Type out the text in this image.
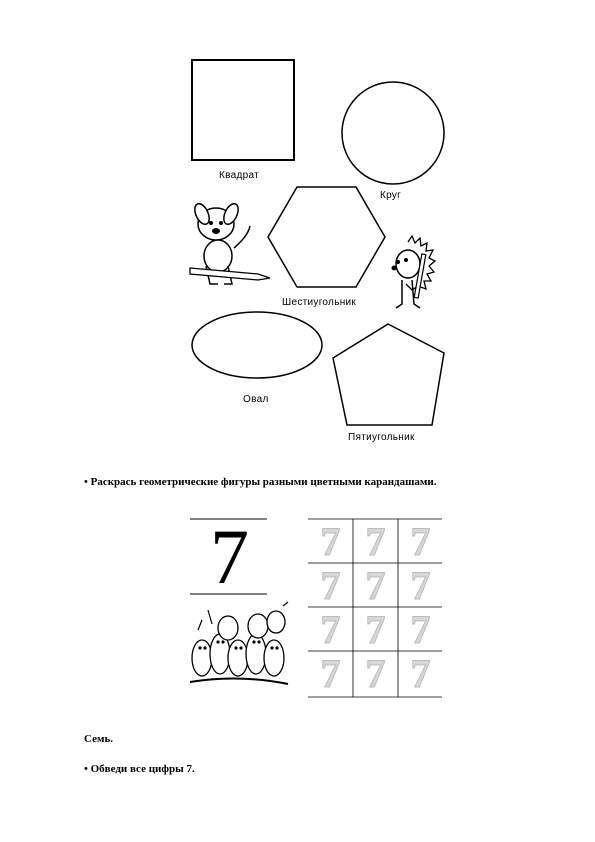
Квадрат
Круг
Шестиугольник
Овал
Пятиугольник
• Раскрась геометрические фигуры разными цветными карандашами.
7	7 7 7
7 7 7
7 7 7
7 7 7
Семь.
• Обведи все цифры 7.
